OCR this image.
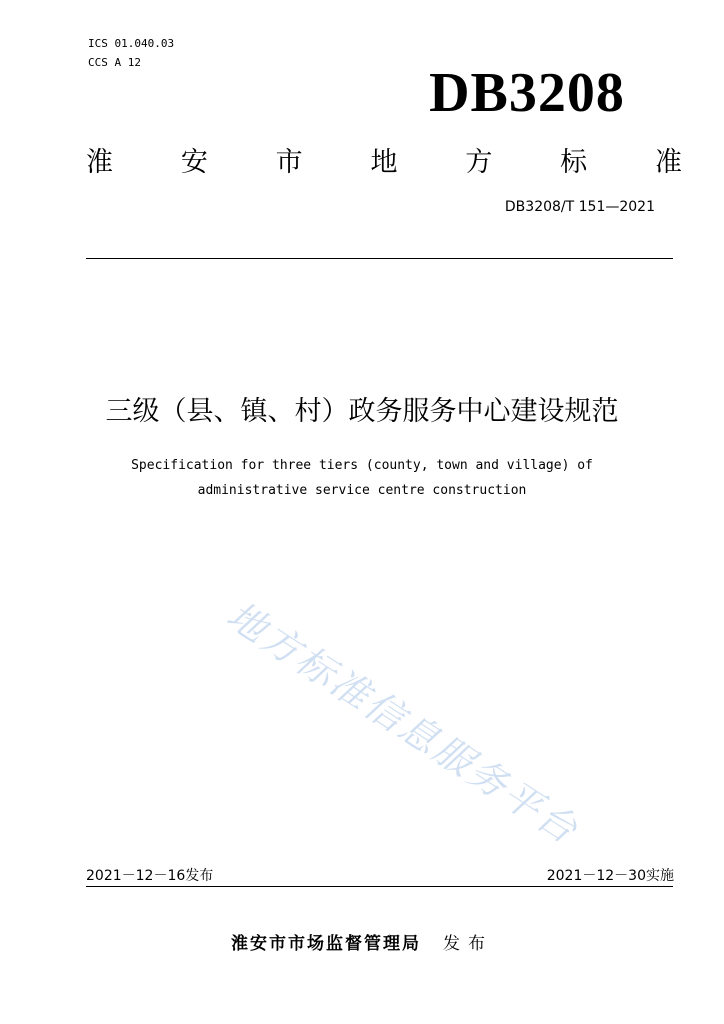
ICS 01.040.03
CCS A 12	DB3208
淮	安	市	地	方	标	准
DB3208/T 151—2021
三级（县、镇、村）政务服务中心建设规范
Specification for three tiers (county, town and village) of
administrative service centre construction
地方标准信息服务平台
2021－12－16发布	2021－12－30实施
淮安市市场监督管理局 发布
